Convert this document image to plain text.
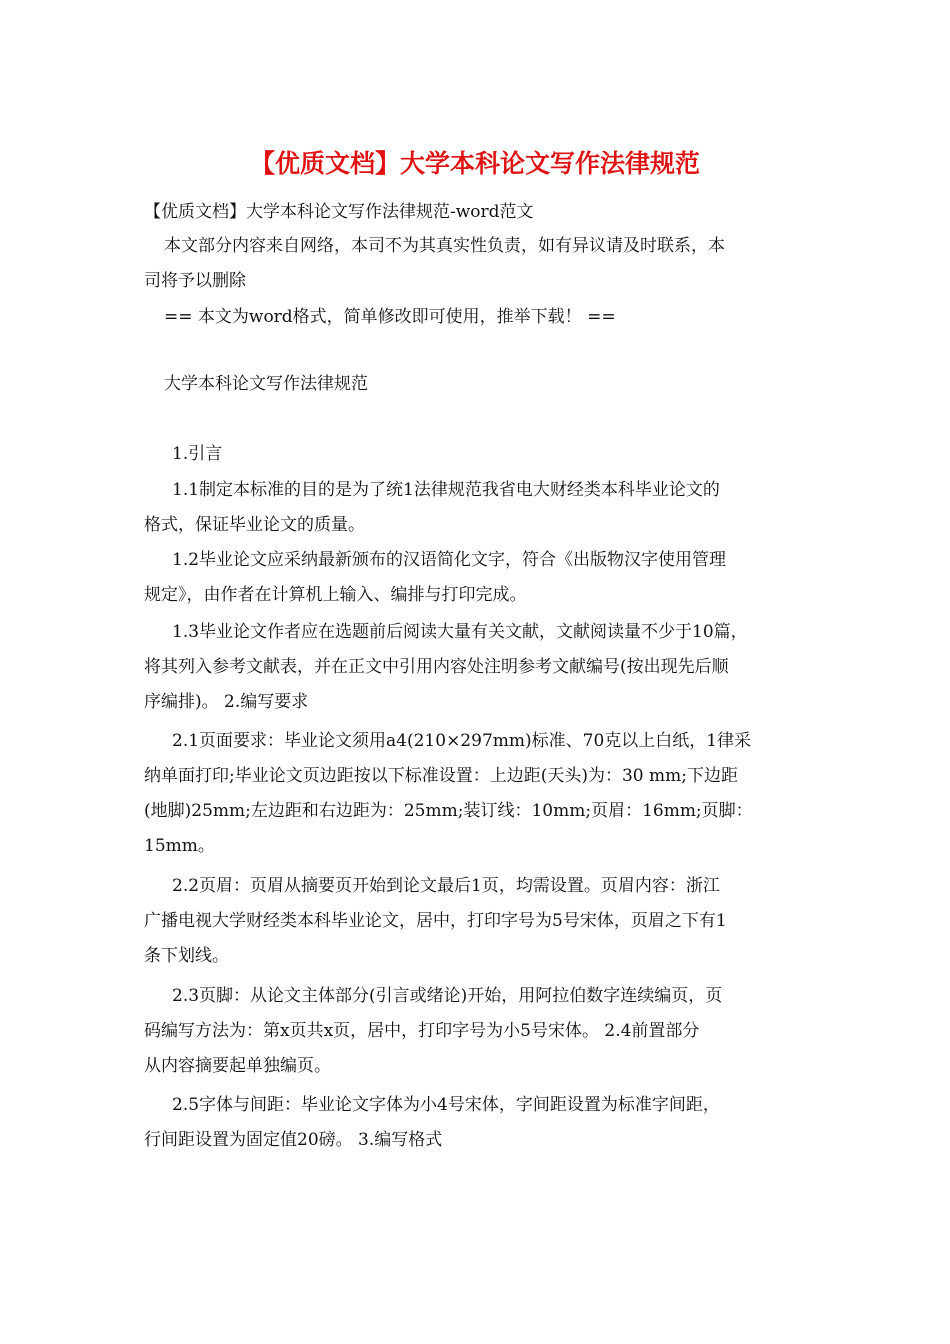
【优质文档】大学本科论文写作法律规范
【优质文档】大学本科论文写作法律规范-word范文
本文部分内容来自网络，本司不为其真实性负责，如有异议请及时联系，本
司将予以删除
== 本文为word格式，简单修改即可使用，推举下载！ ==
大学本科论文写作法律规范
1.引言
1.1制定本标准的目的是为了统1法律规范我省电大财经类本科毕业论文的
格式，保证毕业论文的质量。
1.2毕业论文应采纳最新颁布的汉语简化文字，符合《出版物汉字使用管理
规定》，由作者在计算机上输入、编排与打印完成。
1.3毕业论文作者应在选题前后阅读大量有关文献，文献阅读量不少于10篇，
将其列入参考文献表，并在正文中引用内容处注明参考文献编号(按出现先后顺
序编排)。 2.编写要求
2.1页面要求：毕业论文须用a4(210×297mm)标准、70克以上白纸，1律采
纳单面打印;毕业论文页边距按以下标准设置：上边距(天头)为：30 mm;下边距
(地脚)25mm;左边距和右边距为：25mm;装订线：10mm;页眉：16mm;页脚：
15mm。
2.2页眉：页眉从摘要页开始到论文最后1页，均需设置。页眉内容：浙江
广播电视大学财经类本科毕业论文，居中，打印字号为5号宋体，页眉之下有1
条下划线。
2.3页脚：从论文主体部分(引言或绪论)开始，用阿拉伯数字连续编页，页
码编写方法为：第x页共x页，居中，打印字号为小5号宋体。 2.4前置部分
从内容摘要起单独编页。
2.5字体与间距：毕业论文字体为小4号宋体，字间距设置为标准字间距，
行间距设置为固定值20磅。 3.编写格式
